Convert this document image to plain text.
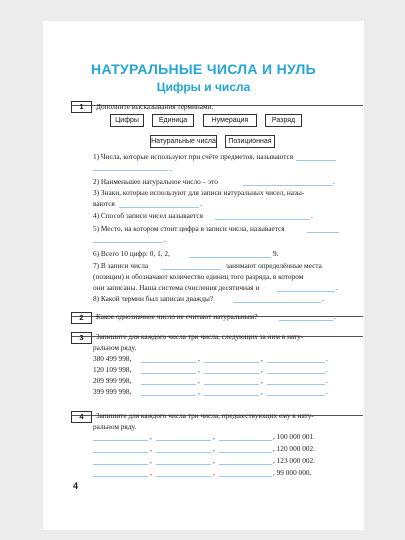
НАТУРАЛЬНЫЕ ЧИСЛА И НУЛЬ
Цифры и числа
1	Дополните высказывания терминами.
Цифры	Единица	Нумерация	Разряд
Натуральные числа	Позиционная
1) Числа, которые используют при счёте предметов, называются
.
2) Наименьшее натуральное число – это	.
3) Знаки, которые используют для записи натуральных чисел, назы-
ваются	.
4) Способ записи чисел называется	.
5) Место, на котором стоит цифра в записи числа, называется
.
6) Всего 10 цифр: 0, 1, 2,	9.
7) В записи числа	занимают определённые места
(позиции) и обозначают количество единиц того разряда, в котором
они записаны. Наша система счисления десятичная и	.
8) Какой термин был записан дважды?	.
2	Какое однозначное число не считают натуральным?	.
3	Запишите для каждого числа три числа, следующих за ним в нату-
ральном ряду.
380 499 998,	,	,	.
120 109 998,	,	,	.
209 999 998,	,	,	.
399 999 998,	,	,	.
4	Запишите для каждого числа три числа, предшествующих ему в нату-
ральном ряду.
,	,	, 100 000 001.
,	,	, 120 000 002.
,	,	, 123 000 002.
,	,	, 99 000 000.
4
